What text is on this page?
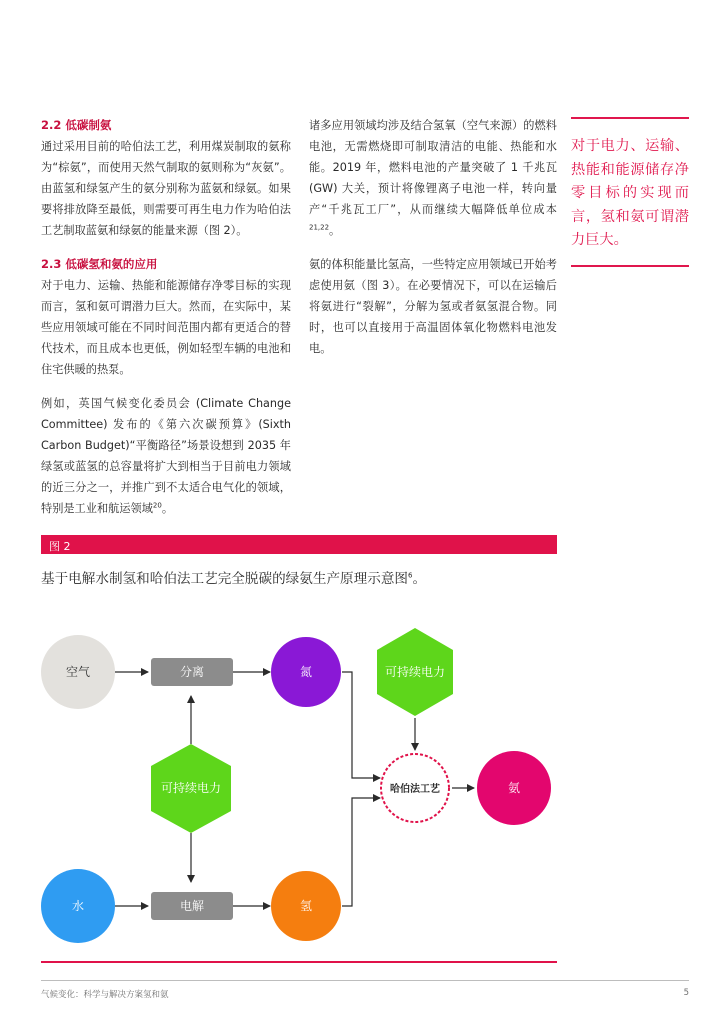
2.2 低碳制氨

通过采用目前的哈伯法工艺，利用煤炭制取的氨称为“棕氨”，而使用天然气制取的氨则称为“灰氨”。由蓝氢和绿氢产生的氨分别称为蓝氨和绿氨。如果要将排放降至最低，则需要可再生电力作为哈伯法工艺制取蓝氨和绿氨的能量来源（图 2）。

2.3 低碳氢和氨的应用

对于电力、运输、热能和能源储存净零目标的实现而言，氢和氨可谓潜力巨大。然而，在实际中，某些应用领域可能在不同时间范围内都有更适合的替代技术，而且成本也更低，例如轻型车辆的电池和住宅供暖的热泵。

例如，英国气候变化委员会 (Climate Change Committee) 发布的《第六次碳预算》(Sixth Carbon Budget)“平衡路径”场景设想到 2035 年绿氢或蓝氢的总容量将扩大到相当于目前电力领域的近三分之一，并推广到不太适合电气化的领域，特别是工业和航运领域$^{20}$。

诸多应用领域均涉及结合氢氧（空气来源）的燃料电池，无需燃烧即可制取清洁的电能、热能和水能。2019 年，燃料电池的产量突破了 1 千兆瓦 (GW) 大关，预计将像锂离子电池一样，转向量产“千兆瓦工厂”，从而继续大幅降低单位成本$^{21,22}$。

氨的体积能量比氢高，一些特定应用领域已开始考虑使用氨（图 3）。在必要情况下，可以在运输后将氨进行“裂解”，分解为氢或者氨氢混合物。同时，也可以直接用于高温固体氧化物燃料电池发电。

对于电力、运输、热能和能源储存净零目标的实现而言，氢和氨可谓潜力巨大。
图 2
基于电解水制氢和哈伯法工艺完全脱碳的绿氨生产原理示意图$^6$。
空气	分离	氮	可持续电力
可持续电力	哈伯法工艺	氨
水	电解	氢
气候变化：科学与解决方案氢和氨	5
